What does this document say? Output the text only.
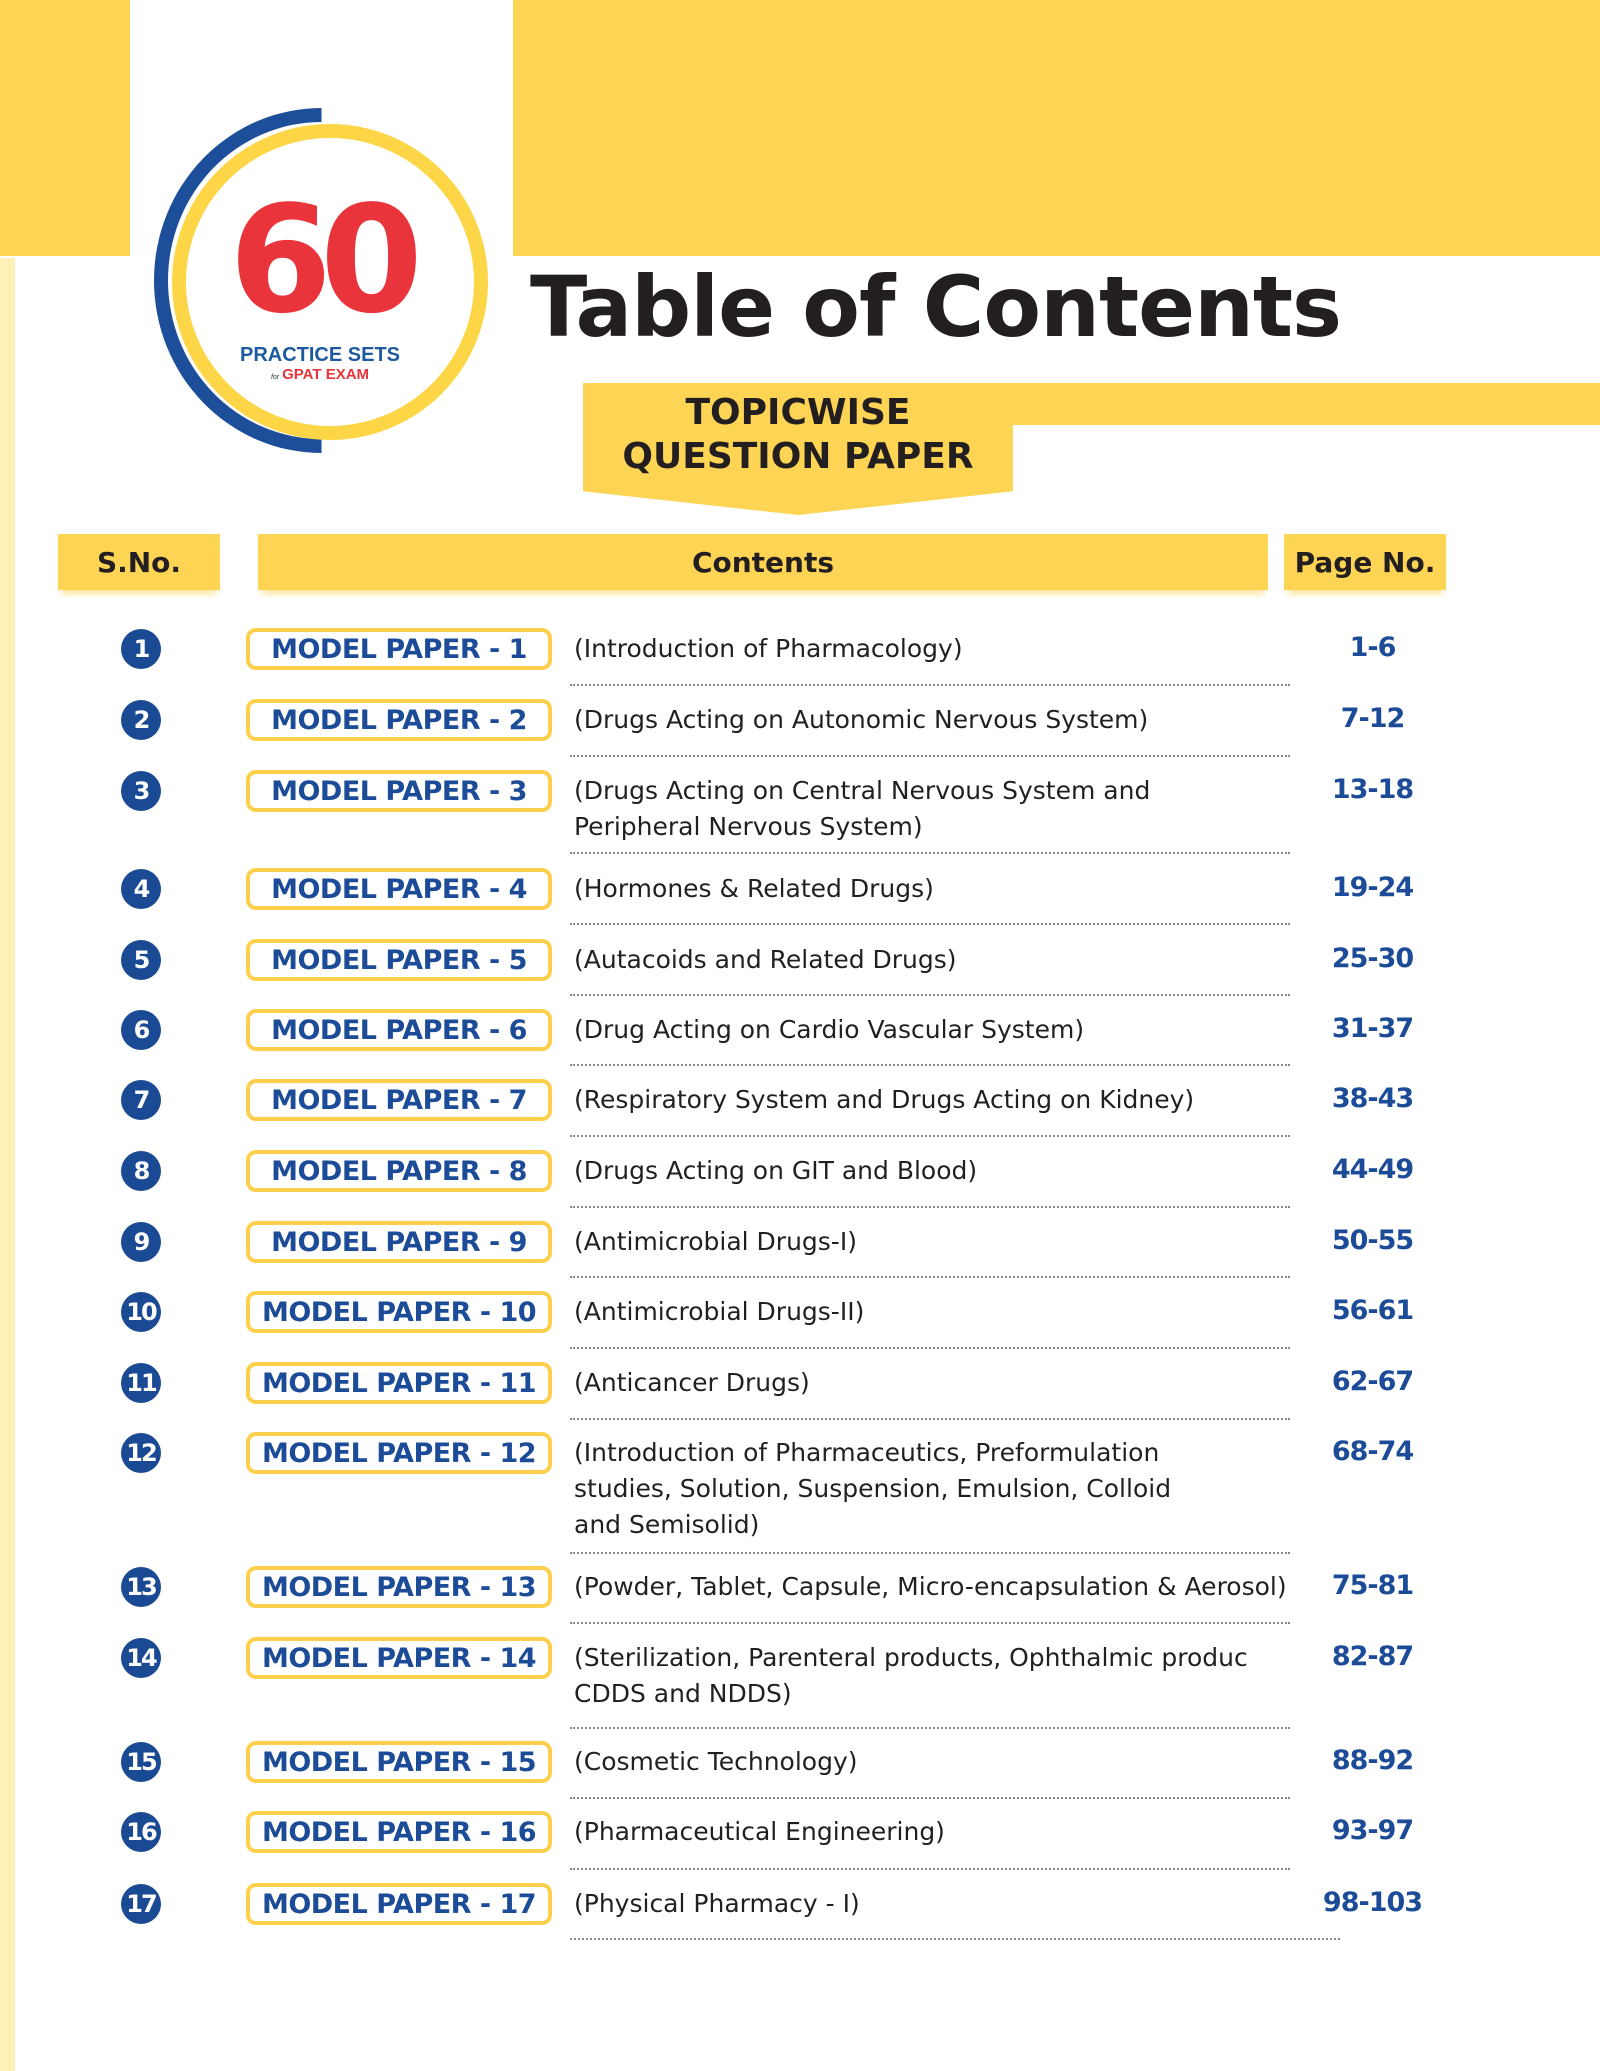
60
PRACTICE SETS
for GPAT EXAM
Table of Contents
TOPICWISE
QUESTION PAPER
S.No.	Contents	Page No.
1	MODEL PAPER - 1	(Introduction of Pharmacology)	1-6
2	MODEL PAPER - 2	(Drugs Acting on Autonomic Nervous System)	7-12
3	MODEL PAPER - 3	(Drugs Acting on Central Nervous System and
Peripheral Nervous System)
13-18
4	MODEL PAPER - 4	(Hormones & Related Drugs)	19-24
5	MODEL PAPER - 5	(Autacoids and Related Drugs)	25-30
6	MODEL PAPER - 6	(Drug Acting on Cardio Vascular System)	31-37
7	MODEL PAPER - 7	(Respiratory System and Drugs Acting on Kidney)	38-43
8	MODEL PAPER - 8	(Drugs Acting on GIT and Blood)	44-49
9	MODEL PAPER - 9	(Antimicrobial Drugs-I)	50-55
10	MODEL PAPER - 10	(Antimicrobial Drugs-II)	56-61
11	MODEL PAPER - 11	(Anticancer Drugs)	62-67
12	MODEL PAPER - 12	(Introduction of Pharmaceutics, Preformulation
studies, Solution, Suspension, Emulsion, Colloid
and Semisolid)
68-74
13	MODEL PAPER - 13	(Powder, Tablet, Capsule, Micro-encapsulation & Aerosol)	75-81
14	MODEL PAPER - 14	(Sterilization, Parenteral products, Ophthalmic produc
CDDS and NDDS)
82-87
15	MODEL PAPER - 15	(Cosmetic Technology)	88-92
16	MODEL PAPER - 16	(Pharmaceutical Engineering)	93-97
17	MODEL PAPER - 17	(Physical Pharmacy - I)	98-103
